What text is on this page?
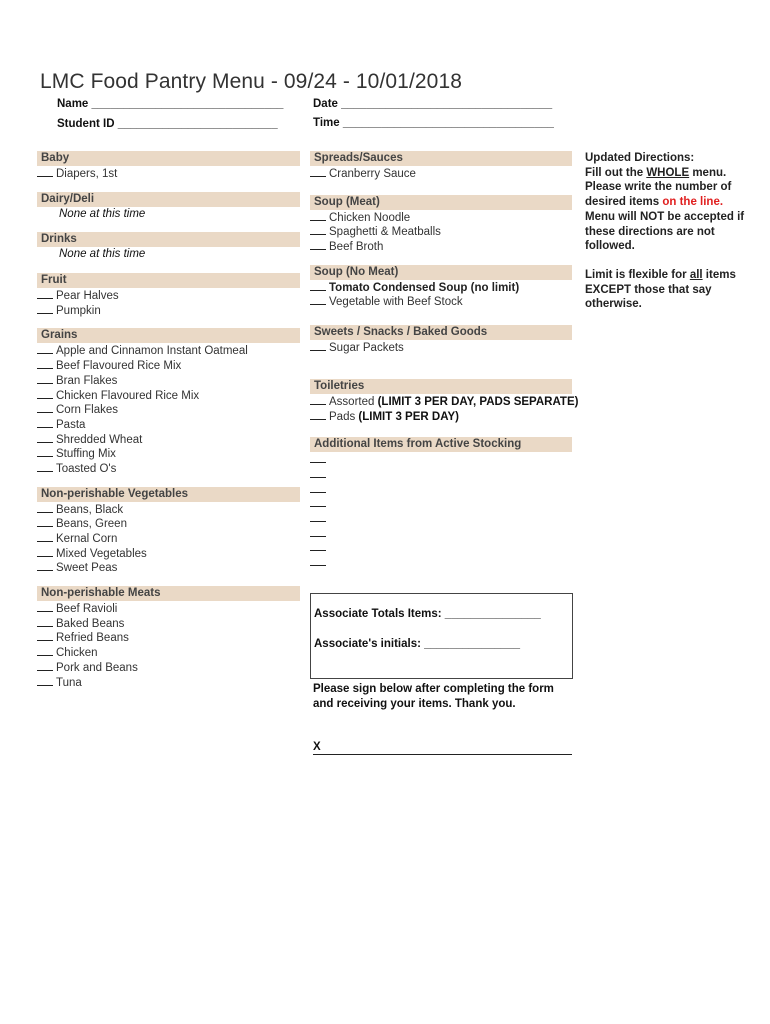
LMC Food Pantry Menu - 09/24 - 10/01/2018
Name ______________________________
Student ID _________________________
Date _________________________________
Time _________________________________
Baby
Diapers, 1st
Dairy/Deli
None at this time
Drinks
None at this time
Fruit
Pear Halves
Pumpkin
Grains
Apple and Cinnamon Instant Oatmeal
Beef Flavoured Rice Mix
Bran Flakes
Chicken Flavoured Rice Mix
Corn Flakes
Pasta
Shredded Wheat
Stuffing Mix
Toasted O's
Non-perishable Vegetables
Beans, Black
Beans, Green
Kernal Corn
Mixed Vegetables
Sweet Peas
Non-perishable Meats
Beef Ravioli
Baked Beans
Refried Beans
Chicken
Pork and Beans
Tuna
Spreads/Sauces
Cranberry Sauce
Soup (Meat)
Chicken Noodle
Spaghetti & Meatballs
Beef Broth
Soup (No Meat)
Tomato Condensed Soup (no limit)
Vegetable with Beef Stock
Sweets / Snacks / Baked Goods
Sugar Packets
Toiletries
Assorted (LIMIT 3 PER DAY, PADS SEPARATE)
Pads (LIMIT 3 PER DAY)
Additional Items from Active Stocking
Associate Totals Items: _______________
Associate's initials: _______________
Please sign below after completing the form and receiving your items. Thank you.
X
Updated Directions:
Fill out the WHOLE menu. Please write the number of desired items on the line. Menu will NOT be accepted if these directions are not followed.
Limit is flexible for all items EXCEPT those that say otherwise.
